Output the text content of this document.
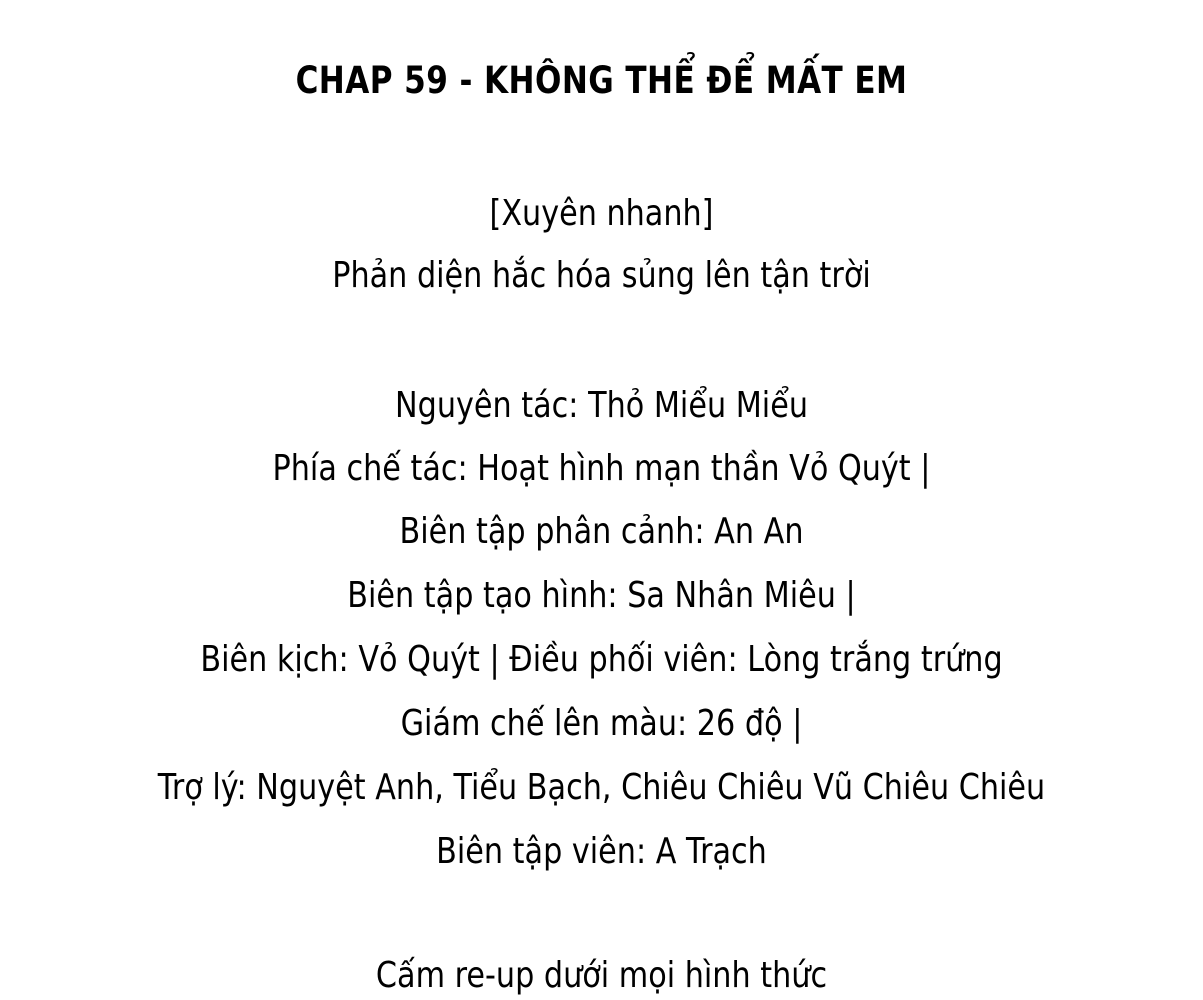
CHAP 59 - KHÔNG THỂ ĐỂ MẤT EM
[Xuyên nhanh]
Phản diện hắc hóa sủng lên tận trời
Nguyên tác: Thỏ Miểu Miểu
Phía chế tác: Hoạt hình mạn thần Vỏ Quýt |
Biên tập phân cảnh: An An
Biên tập tạo hình: Sa Nhân Miêu |
Biên kịch: Vỏ Quýt | Điều phối viên: Lòng trắng trứng
Giám chế lên màu: 26 độ |
Trợ lý: Nguyệt Anh, Tiểu Bạch, Chiêu Chiêu Vũ Chiêu Chiêu
Biên tập viên: A Trạch
Cấm re-up dưới mọi hình thức
